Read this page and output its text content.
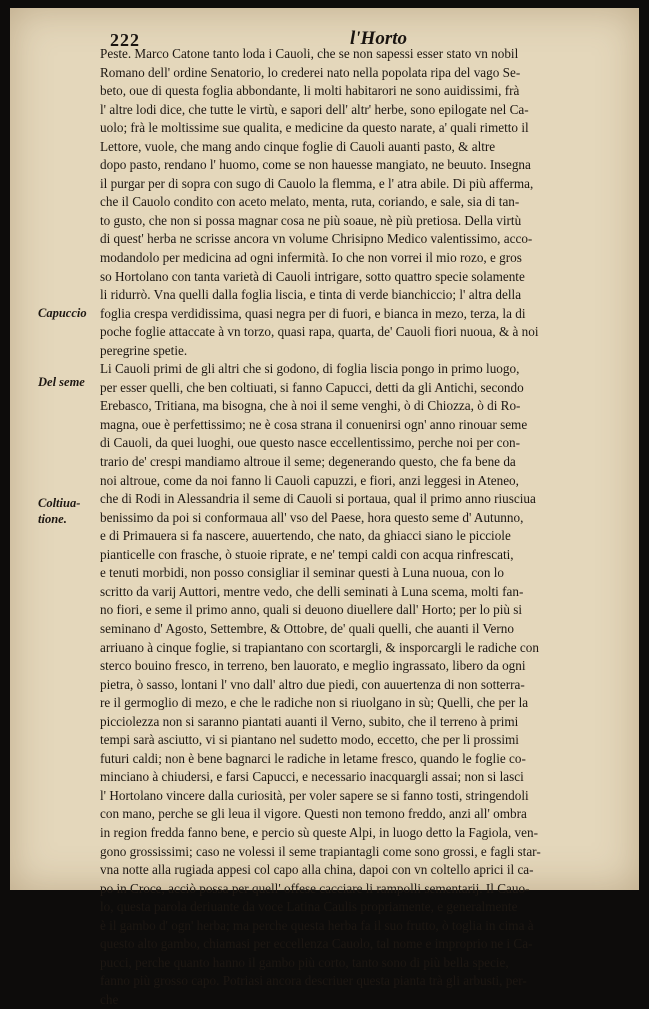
222	l'Horto
Capuccio
Del seme
Coltiua-
tione.
Peste. Marco Catone tanto loda i Cauoli, che se non sapessi esser stato vn nobil
Romano dell' ordine Senatorio, lo crederei nato nella popolata ripa del vago Se-
beto, oue di questa foglia abbondante, li molti habitarori ne sono auidissimi, frà
l' altre lodi dice, che tutte le virtù, e sapori dell' altr' herbe, sono epilogate nel Ca-
uolo; frà le moltissime sue qualita, e medicine da questo narate, a' quali rimetto il
Lettore, vuole, che mang ando cinque foglie di Cauoli auanti pasto, & altre
dopo pasto, rendano l' huomo, come se non hauesse mangiato, ne beuuto. Insegna
il purgar per di sopra con sugo di Cauolo la flemma, e l' atra abile. Di più afferma,
che il Cauolo condito con aceto melato, menta, ruta, coriando, e sale, sia di tan-
to gusto, che non si possa magnar cosa ne più soaue, nè più pretiosa. Della virtù
di quest' herba ne scrisse ancora vn volume Chrisipno Medico valentissimo, acco-
modandolo per medicina ad ogni infermità. Io che non vorrei il mio rozo, e gros
so Hortolano con tanta varietà di Cauoli intrigare, sotto quattro specie solamente
li ridurrò. Vna quelli dalla foglia liscia, e tinta di verde bianchiccio; l' altra della
foglia crespa verdidissima, quasi negra per di fuori, e bianca in mezo, terza, la di
poche foglie attaccate à vn torzo, quasi rapa, quarta, de' Cauoli fiori nuoua, & à noi
peregrine spetie.
Li Cauoli primi de gli altri che si godono, di foglia liscia pongo in primo luogo,
per esser quelli, che ben coltiuati, si fanno Capucci, detti da gli Antichi, secondo
Erebasco, Tritiana, ma bisogna, che à noi il seme venghi, ò di Chiozza, ò di Ro-
magna, oue è perfettissimo; ne è cosa strana il conuenirsi ogn' anno rinouar seme
di Cauoli, da quei luoghi, oue questo nasce eccellentissimo, perche noi per con-
trario de' crespi mandiamo altroue il seme; degenerando questo, che fa bene da
noi altroue, come da noi fanno li Cauoli capuzzi, e fiori, anzi leggesi in Ateneo,
che di Rodi in Alessandria il seme di Cauoli si portaua, qual il primo anno riusciua
benissimo da poi si conformaua all' vso del Paese, hora questo seme d' Autunno,
e di Primauera si fa nascere, auuertendo, che nato, da ghiacci siano le picciole
pianticelle con frasche, ò stuoie riprate, e ne' tempi caldi con acqua rinfrescati,
e tenuti morbidi, non posso consigliar il seminar questi à Luna nuoua, con lo
scritto da varij Auttori, mentre vedo, che delli seminati à Luna scema, molti fan-
no fiori, e seme il primo anno, quali si deuono diuellere dall' Horto; per lo più si
seminano d' Agosto, Settembre, & Ottobre, de' quali quelli, che auanti il Verno
arriuano à cinque foglie, si trapiantano con scortargli, & insporcargli le radiche con
sterco bouino fresco, in terreno, ben lauorato, e meglio ingrassato, libero da ogni
pietra, ò sasso, lontani l' vno dall' altro due piedi, con auuertenza di non sotterra-
re il germoglio di mezo, e che le radiche non si riuolgano in sù; Quelli, che per la
picciolezza non si saranno piantati auanti il Verno, subito, che il terreno à primi
tempi sarà asciutto, vi si piantano nel sudetto modo, eccetto, che per li prossimi
futuri caldi; non è bene bagnarci le radiche in letame fresco, quando le foglie co-
minciano à chiudersi, e farsi Capucci, e necessario inacquargli assai; non si lasci
l' Hortolano vincere dalla curiosità, per voler sapere se si fanno tosti, stringendoli
con mano, perche se gli leua il vigore. Questi non temono freddo, anzi all' ombra
in region fredda fanno bene, e percio sù queste Alpi, in luogo detto la Fagiola, ven-
gono grossissimi; caso ne volessi il seme trapiantagli come sono grossi, e fagli star-
vna notte alla rugiada appesi col capo alla china, dapoi con vn coltello aprici il ca-
po in Croce, acciò possa per quell' offese cacciare li rampolli sementarij. Il Cauo-
lo, questa parola deriuante da voce Latina Caulis propriamente, e generalmente
è il gambo d' ogn' herba; ma perche questa herba fa il suo frutto, ò toglia in cima à
questo alto gambo, chiamasi per eccellenza Cauolo, tal nome e improprio ne i Ca-
pucci, perche quanto hanno il gambo più corto, tanto sono di più bella specie,
fanno più grosso capo. Potriasi ancora descriuer questa pianta trà gli arbusti, per-
che
